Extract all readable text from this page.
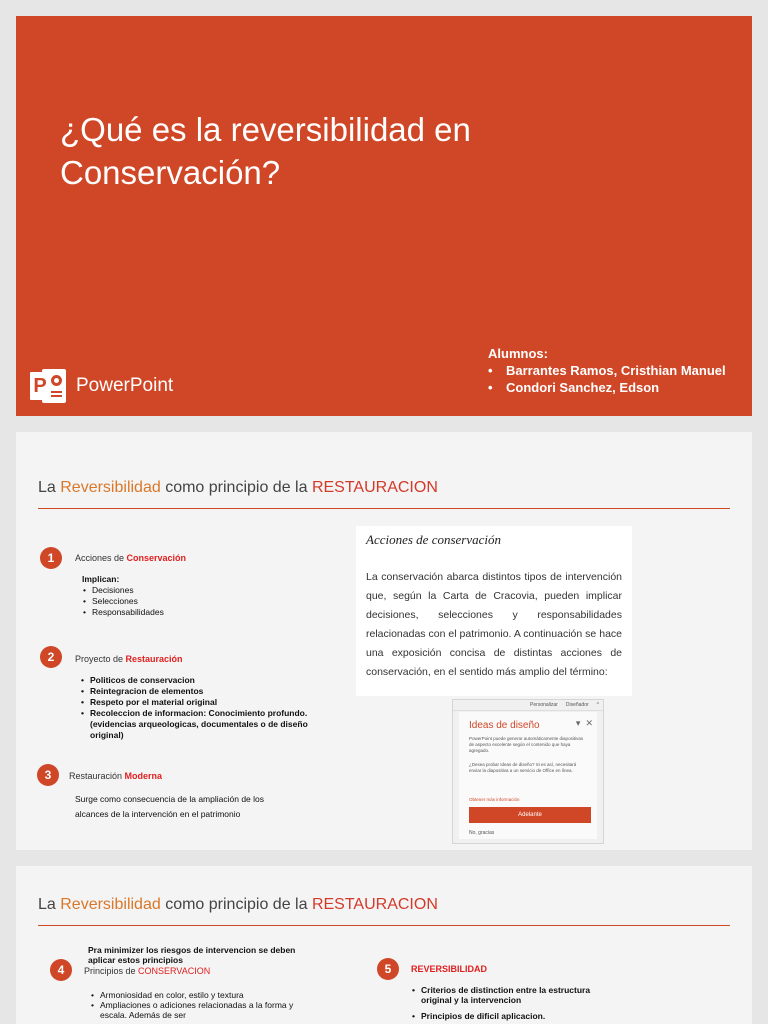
¿Qué es la reversibilidad en Conservación?
P PowerPoint
Alumnos:
• Barrantes Ramos, Cristhian Manuel
• Condori Sanchez, Edson
La Reversibilidad como principio de la RESTAURACION
1	Acciones de Conservación
Implican:
• Decisiones
• Selecciones
• Responsabilidades
2	Proyecto de Restauración
• Politicos de conservacion
• Reintegracion de elementos
• Respeto por el material original
• Recoleccion de informacion: Conocimiento profundo. (evidencias arqueologicas, documentales o de diseño original)
3	Restauración Moderna
Surge como consecuencia de la ampliación de los alcances de la intervención en el patrimonio

Acciones de conservación

La conservación abarca distintos tipos de intervención que, según la Carta de Cracovia, pueden implicar decisiones, selecciones y responsabilidades relacionadas con el patrimonio. A continuación se hace una exposición concisa de distintas acciones de conservación, en el sentido más amplio del término:

Personalizar Diseñador ^
Ideas de diseño	▾ ✕
PowerPoint puede generar automáticamente diapositivas de aspecto excelente según el contenido que haya agregado.
¿Desea probar Ideas de diseño? Si es así, necesitará enviar la diapositiva a un servicio de Office en línea.
Obtener más información
Adelante
No, gracias
La Reversibilidad como principio de la RESTAURACION
Pra minimizer los riesgos de intervencion se deben aplicar estos principios
4	Principios de CONSERVACION
• Armoniosidad en color, estilo y textura
• Ampliaciones o adiciones relacionadas a la forma y escala. Además de ser
5	REVERSIBILIDAD
• Criterios de distinction entre la estructura original y la intervencion
• Principios de dificil aplicacion.
